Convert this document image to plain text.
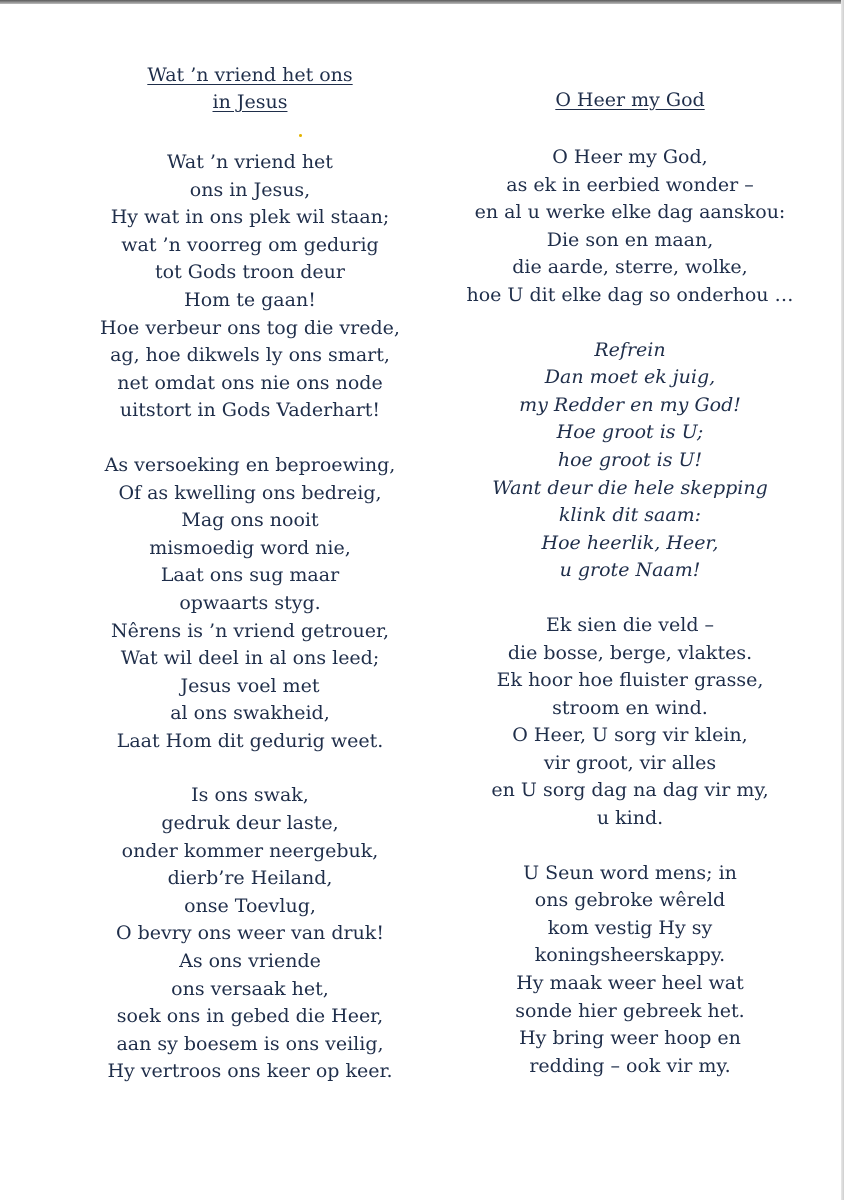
Wat ’n vriend het ons
in Jesus

Wat ’n vriend het
ons in Jesus,
Hy wat in ons plek wil staan;
wat ’n voorreg om gedurig
tot Gods troon deur
Hom te gaan!
Hoe verbeur ons tog die vrede,
ag, hoe dikwels ly ons smart,
net omdat ons nie ons node
uitstort in Gods Vaderhart!
As versoeking en beproewing,
Of as kwelling ons bedreig,
Mag ons nooit
mismoedig word nie,
Laat ons sug maar
opwaarts styg.
Nêrens is ’n vriend getrouer,
Wat wil deel in al ons leed;
Jesus voel met
al ons swakheid,
Laat Hom dit gedurig weet.
Is ons swak,
gedruk deur laste,
onder kommer neergebuk,
dierb’re Heiland,
onse Toevlug,
O bevry ons weer van druk!
As ons vriende
ons versaak het,
soek ons in gebed die Heer,
aan sy boesem is ons veilig,
Hy vertroos ons keer op keer.

O Heer my God

O Heer my God,
as ek in eerbied wonder –
en al u werke elke dag aanskou:
Die son en maan,
die aarde, sterre, wolke,
hoe U dit elke dag so onderhou …
Refrein
Dan moet ek juig,
my Redder en my God!
Hoe groot is U;
hoe groot is U!
Want deur die hele skepping
klink dit saam:
Hoe heerlik, Heer,
u grote Naam!
Ek sien die veld –
die bosse, berge, vlaktes.
Ek hoor hoe fluister grasse,
stroom en wind.
O Heer, U sorg vir klein,
vir groot, vir alles
en U sorg dag na dag vir my,
u kind.
U Seun word mens; in
ons gebroke wêreld
kom vestig Hy sy
koningsheerskappy.
Hy maak weer heel wat
sonde hier gebreek het.
Hy bring weer hoop en
redding – ook vir my.
